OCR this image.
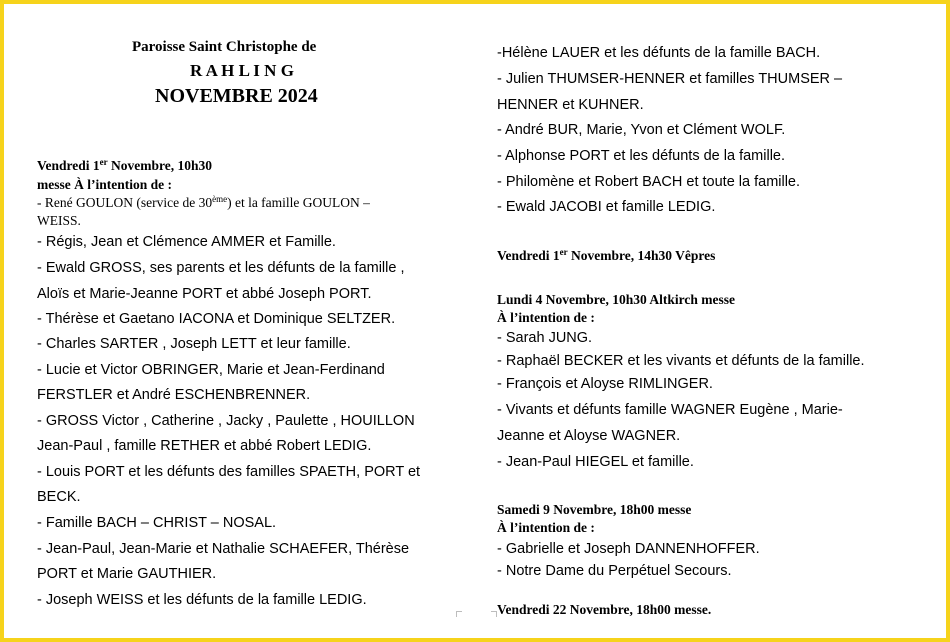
Paroisse Saint Christophe de
R A H L I N G
NOVEMBRE 2024
Vendredi 1er Novembre, 10h30
messe À l’intention de :
- René GOULON (service de 30ème) et la famille GOULON –
WEISS.
- Régis, Jean et Clémence AMMER et Famille.
- Ewald GROSS, ses parents et les défunts de la famille ,
Aloïs et Marie-Jeanne PORT et abbé Joseph PORT.
- Thérèse et Gaetano IACONA et Dominique SELTZER.
- Charles SARTER , Joseph LETT et leur famille.
- Lucie et Victor OBRINGER, Marie et Jean-Ferdinand
FERSTLER et André ESCHENBRENNER.
- GROSS Victor , Catherine , Jacky , Paulette , HOUILLON
Jean-Paul , famille RETHER et abbé Robert LEDIG.
- Louis PORT et les défunts des familles SPAETH, PORT et
BECK.
- Famille BACH – CHRIST – NOSAL.
- Jean-Paul, Jean-Marie et Nathalie SCHAEFER, Thérèse
PORT et Marie GAUTHIER.
- Joseph WEISS et les défunts de la famille LEDIG.
-Hélène LAUER et les défunts de la famille BACH.
- Julien THUMSER-HENNER et familles THUMSER –
HENNER et KUHNER.
- André BUR, Marie, Yvon et Clément WOLF.
- Alphonse PORT et les défunts de la famille.
- Philomène et Robert BACH et toute la famille.
- Ewald JACOBI et famille LEDIG.
Vendredi 1er Novembre, 14h30 Vêpres
Lundi 4 Novembre, 10h30 Altkirch messe
À l’intention de :
- Sarah JUNG.
- Raphaël BECKER et les vivants et défunts de la famille.
- François et Aloyse RIMLINGER.
- Vivants et défunts famille WAGNER Eugène , Marie-
Jeanne et Aloyse WAGNER.
- Jean-Paul HIEGEL et famille.
Samedi 9 Novembre, 18h00 messe
À l’intention de :
- Gabrielle et Joseph DANNENHOFFER.
- Notre Dame du Perpétuel Secours.
Vendredi 22 Novembre, 18h00 messe.
